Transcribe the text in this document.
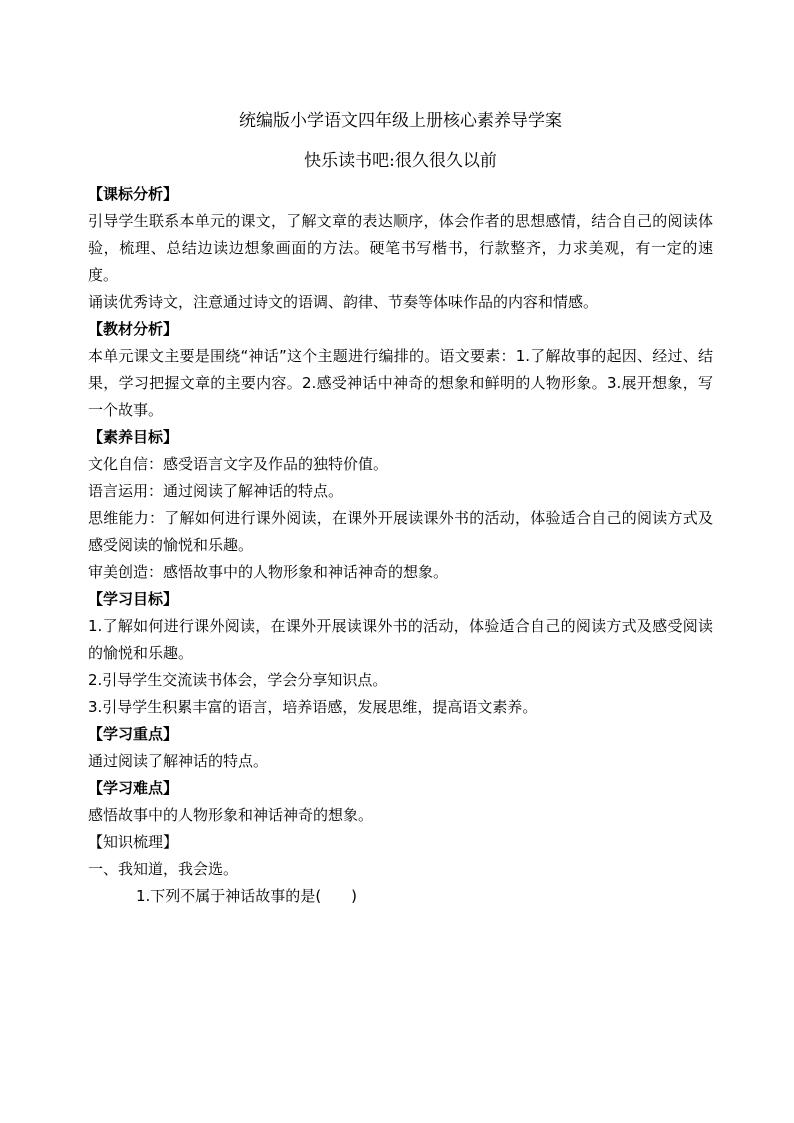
统编版小学语文四年级上册核心素养导学案
快乐读书吧:很久很久以前

【课标分析】

引导学生联系本单元的课文，了解文章的表达顺序，体会作者的思想感情，结合自己的阅读体验，梳理、总结边读边想象画面的方法。硬笔书写楷书，行款整齐，力求美观，有一定的速度。

诵读优秀诗文，注意通过诗文的语调、韵律、节奏等体味作品的内容和情感。

【教材分析】

本单元课文主要是围绕“神话”这个主题进行编排的。语文要素：1.了解故事的起因、经过、结果，学习把握文章的主要内容。2.感受神话中神奇的想象和鲜明的人物形象。3.展开想象，写一个故事。

【素养目标】

文化自信：感受语言文字及作品的独特价值。

语言运用：通过阅读了解神话的特点。

思维能力：了解如何进行课外阅读，在课外开展读课外书的活动，体验适合自己的阅读方式及感受阅读的愉悦和乐趣。

审美创造：感悟故事中的人物形象和神话神奇的想象。

【学习目标】

1.了解如何进行课外阅读，在课外开展读课外书的活动，体验适合自己的阅读方式及感受阅读的愉悦和乐趣。

2.引导学生交流读书体会，学会分享知识点。

3.引导学生积累丰富的语言，培养语感，发展思维，提高语文素养。

【学习重点】

通过阅读了解神话的特点。

【学习难点】

感悟故事中的人物形象和神话神奇的想象。

【知识梳理】

一、我知道，我会选。

1.下列不属于神话故事的是(　　)
